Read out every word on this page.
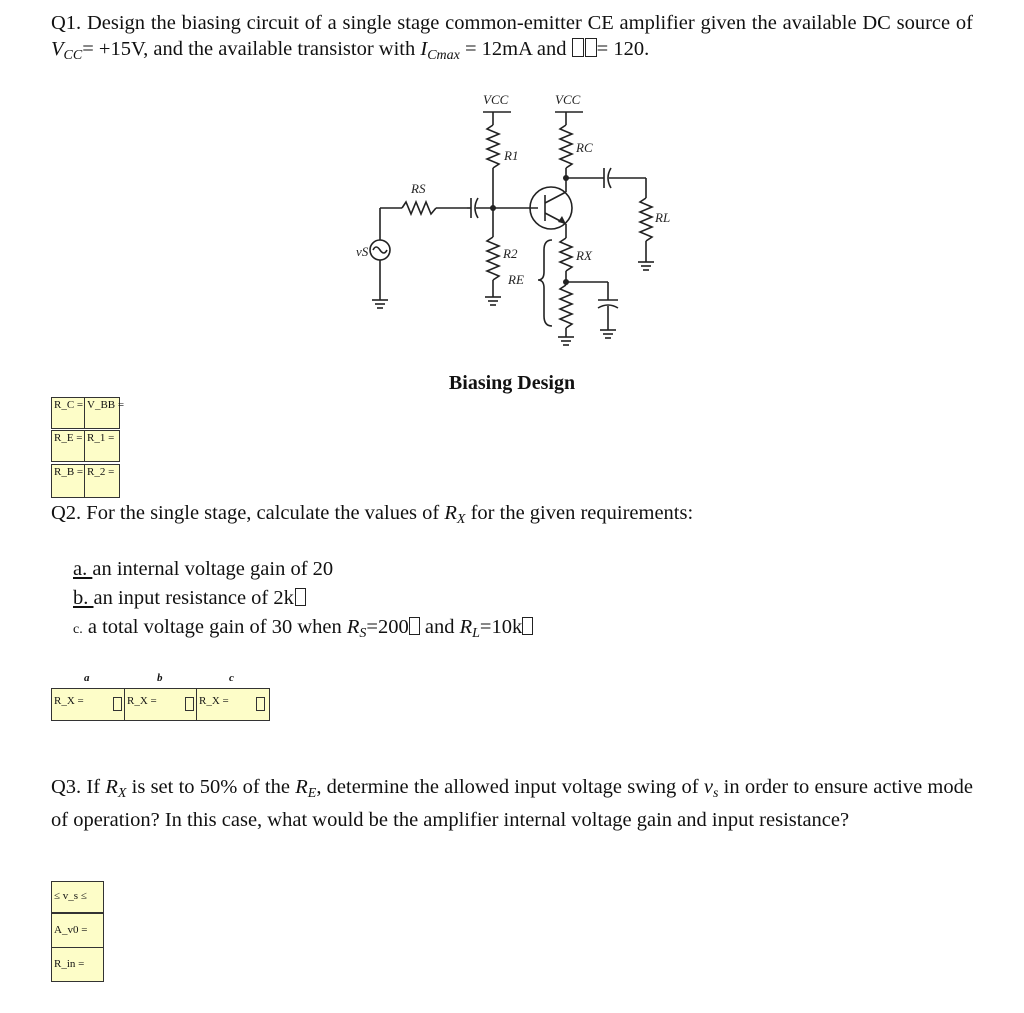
Q1. Design the biasing circuit of a single stage common-emitter CE amplifier given the available DC source of $V_{CC}= +15V$, and the available transistor with $I_{Cmax} = 12mA$ and = 120.
VCC	VCC
R1
RC
RS
RL
vS	R2
RE
RX
Biasing Design
R_C = V_BB =
R_E = R_1 =
R_B = R_2 =
Q2. For the single stage, calculate the values of $R_X$ for the given requirements:
a. an internal voltage gain of 20
b. an input resistance of 2k
c. a total voltage gain of 30 when $R_S=200$ and $R_L=10k$
a	b	c
R_X =	R_X =	R_X =
Q3. If $R_X$ is set to 50% of the $R_E$, determine the allowed input voltage swing of $v_s$ in order to ensure active mode of operation? In this case, what would be the amplifier internal voltage gain and input resistance?
≤ v_s ≤
A_v0 =
R_in =
